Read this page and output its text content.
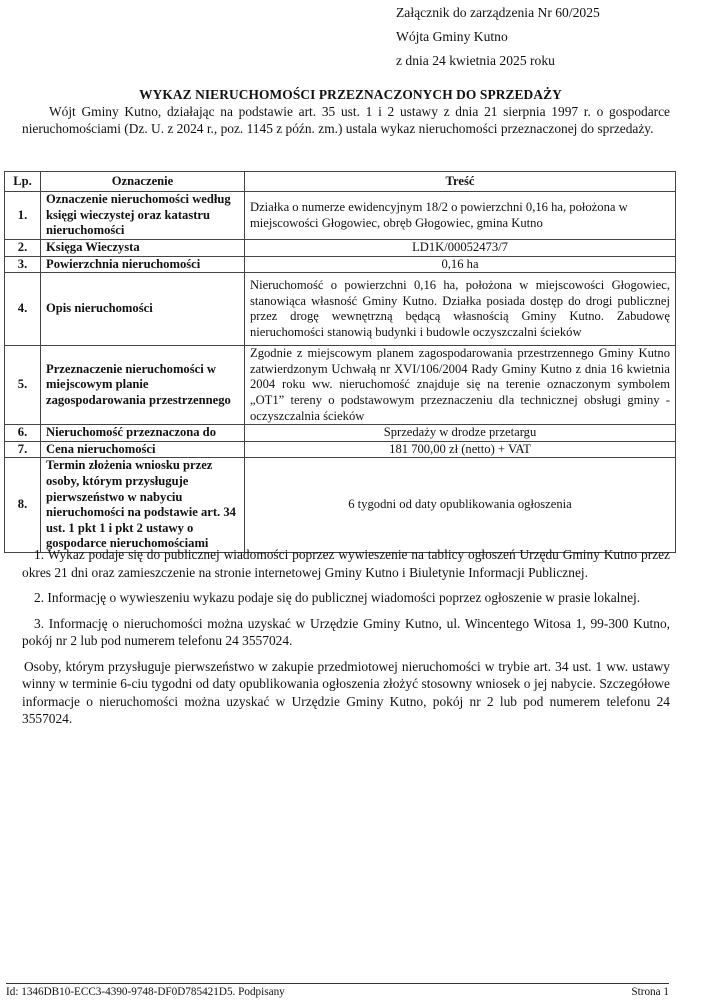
Załącznik do zarządzenia Nr 60/2025
Wójta Gminy Kutno
z dnia 24 kwietnia 2025 roku
WYKAZ NIERUCHOMOŚCI PRZEZNACZONYCH DO SPRZEDAŻY
Wójt Gminy Kutno, działając na podstawie art. 35 ust. 1 i 2 ustawy z dnia 21 sierpnia 1997 r. o gospodarce nieruchomościami (Dz. U. z 2024 r., poz. 1145 z późn. zm.) ustala wykaz nieruchomości przeznaczonej do sprzedaży.
Lp.	Oznaczenie	Treść
1.	Oznaczenie nieruchomości według księgi wieczystej oraz katastru nieruchomości	Działka o numerze ewidencyjnym 18/2 o powierzchni 0,16 ha, położona w miejscowości Głogowiec, obręb Głogowiec, gmina Kutno
2.	Księga Wieczysta	LD1K/00052473/7
3.	Powierzchnia nieruchomości	0,16 ha
4.	Opis nieruchomości	Nieruchomość o powierzchni 0,16 ha, położona w miejscowości Głogowiec, stanowiąca własność Gminy Kutno. Działka posiada dostęp do drogi publicznej przez drogę wewnętrzną będącą własnością Gminy Kutno. Zabudowę nieruchomości stanowią budynki i budowle oczyszczalni ścieków
5.	Przeznaczenie nieruchomości w miejscowym planie zagospodarowania przestrzennego	Zgodnie z miejscowym planem zagospodarowania przestrzennego Gminy Kutno zatwierdzonym Uchwałą nr XVI/106/2004 Rady Gminy Kutno z dnia 16 kwietnia 2004 roku ww. nieruchomość znajduje się na terenie oznaczonym symbolem „OT1” tereny o podstawowym przeznaczeniu dla technicznej obsługi gminy - oczyszczalnia ścieków
6.	Nieruchomość przeznaczona do	Sprzedaży w drodze przetargu
7.	Cena nieruchomości	181 700,00 zł (netto) + VAT
8.	Termin złożenia wniosku przez osoby, którym przysługuje pierwszeństwo w nabyciu nieruchomości na podstawie art. 34 ust. 1 pkt 1 i pkt 2 ustawy o gospodarce nieruchomościami	6 tygodni od daty opublikowania ogłoszenia

1. Wykaz podaje się do publicznej wiadomości poprzez wywieszenie na tablicy ogłoszeń Urzędu Gminy Kutno przez okres 21 dni oraz zamieszczenie na stronie internetowej Gminy Kutno i Biuletynie Informacji Publicznej.

2. Informację o wywieszeniu wykazu podaje się do publicznej wiadomości poprzez ogłoszenie w prasie lokalnej.

3. Informację o nieruchomości można uzyskać w Urzędzie Gminy Kutno, ul. Wincentego Witosa 1, 99-300 Kutno, pokój nr 2 lub pod numerem telefonu 24 3557024.

Osoby, którym przysługuje pierwszeństwo w zakupie przedmiotowej nieruchomości w trybie art. 34 ust. 1 ww. ustawy winny w terminie 6-ciu tygodni od daty opublikowania ogłoszenia złożyć stosowny wniosek o jej nabycie. Szczegółowe informacje o nieruchomości można uzyskać w Urzędzie Gminy Kutno, pokój nr 2 lub pod numerem telefonu 24 3557024.

Id: 1346DB10-ECC3-4390-9748-DF0D785421D5. Podpisany	Strona 1
